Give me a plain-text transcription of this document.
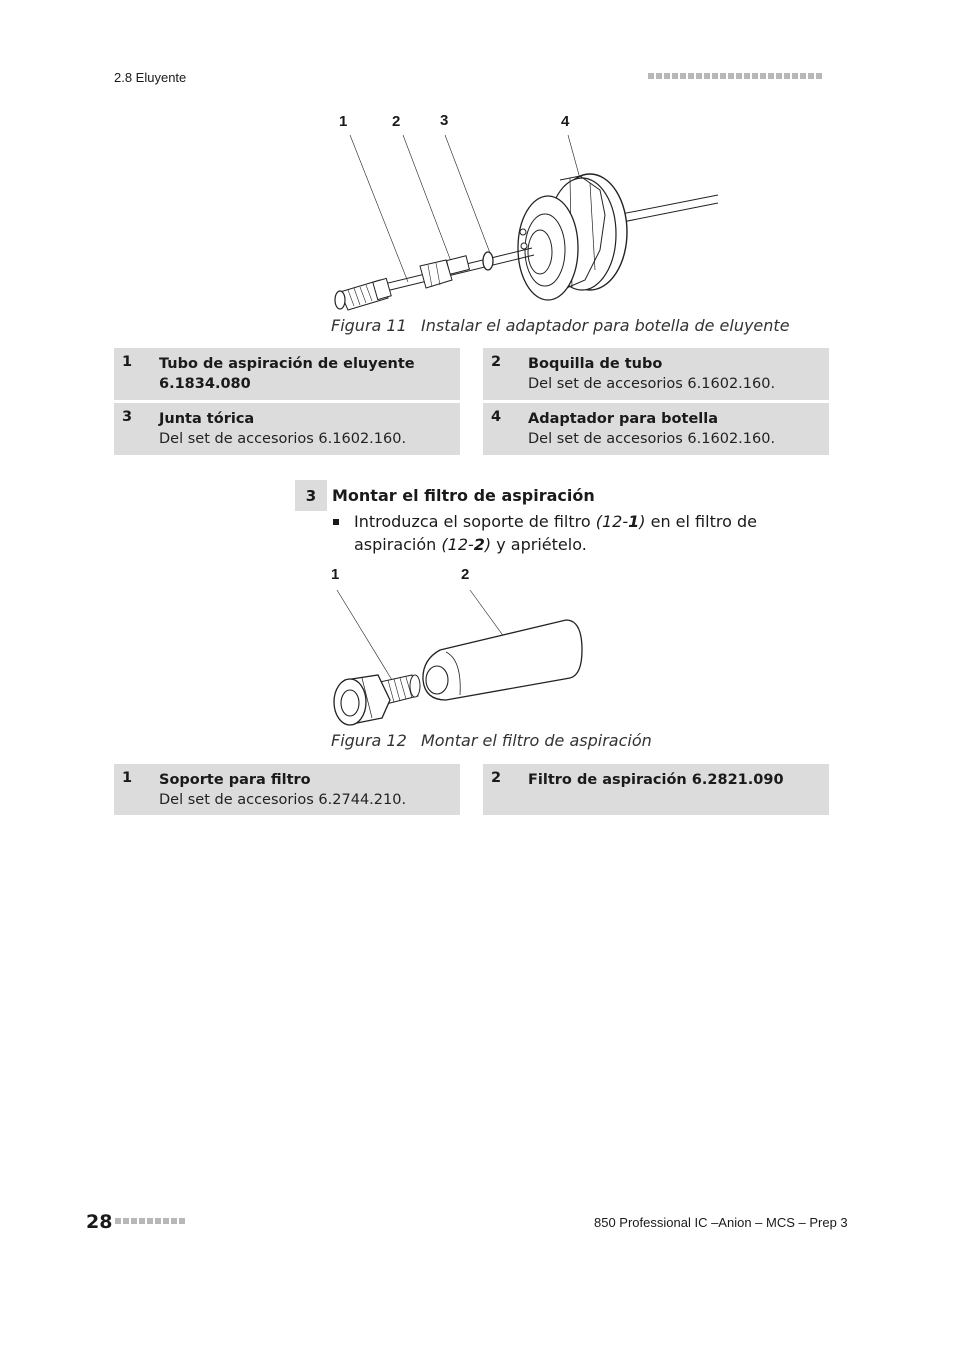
2.8 Eluyente
1	2	3	4
Figura 11 Instalar el adaptador para botella de eluyente
1	Tubo de aspiración de eluyente 6.1834.080
2	Boquilla de tubo
Del set de accesorios 6.1602.160.
3	Junta tórica
Del set de accesorios 6.1602.160.
4	Adaptador para botella
Del set de accesorios 6.1602.160.
3 Montar el filtro de aspiración
Introduzca el soporte de filtro (12-1) en el filtro de aspiración (12-2) y apriételo.
1	2
Figura 12 Montar el filtro de aspiración
1	Soporte para filtro
Del set de accesorios 6.2744.210.
2	Filtro de aspiración 6.2821.090
28	850 Professional IC –Anion – MCS – Prep 3
